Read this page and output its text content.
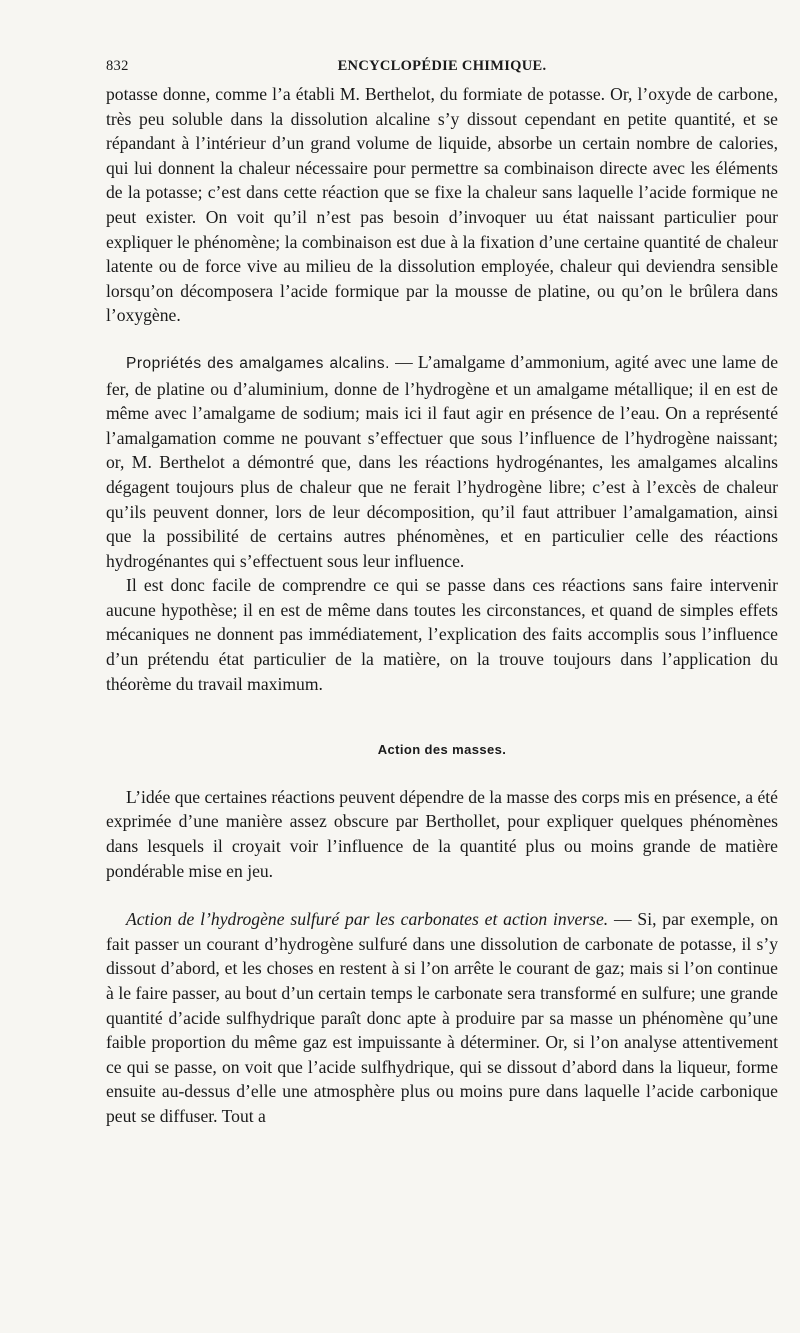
832	ENCYCLOPÉDIE CHIMIQUE.

potasse donne, comme l’a établi M. Berthelot, du formiate de potasse. Or, l’oxyde de carbone, très peu soluble dans la dissolution alcaline s’y dissout cependant en petite quantité, et se répandant à l’intérieur d’un grand volume de liquide, absorbe un certain nombre de calories, qui lui donnent la chaleur nécessaire pour permettre sa combinaison directe avec les éléments de la potasse; c’est dans cette réaction que se fixe la chaleur sans laquelle l’acide formique ne peut exister. On voit qu’il n’est pas besoin d’invoquer uu état naissant particulier pour expliquer le phénomène; la combinaison est due à la fixation d’une certaine quantité de chaleur latente ou de force vive au milieu de la dissolution employée, chaleur qui deviendra sensible lorsqu’on décomposera l’acide formique par la mousse de platine, ou qu’on le brûlera dans l’oxygène.

Propriétés des amalgames alcalins. — L’amalgame d’ammonium, agité avec une lame de fer, de platine ou d’aluminium, donne de l’hydrogène et un amalgame métallique; il en est de même avec l’amalgame de sodium; mais ici il faut agir en présence de l’eau. On a représenté l’amalgamation comme ne pouvant s’effectuer que sous l’influence de l’hydrogène naissant; or, M. Berthelot a démontré que, dans les réactions hydrogénantes, les amalgames alcalins dégagent toujours plus de chaleur que ne ferait l’hydrogène libre; c’est à l’excès de chaleur qu’ils peuvent donner, lors de leur décomposition, qu’il faut attribuer l’amalgamation, ainsi que la possibilité de certains autres phénomènes, et en particulier celle des réactions hydrogénantes qui s’effectuent sous leur influence.

Il est donc facile de comprendre ce qui se passe dans ces réactions sans faire intervenir aucune hypothèse; il en est de même dans toutes les circonstances, et quand de simples effets mécaniques ne donnent pas immédiatement, l’explication des faits accomplis sous l’influence d’un prétendu état particulier de la matière, on la trouve toujours dans l’application du théorème du travail maximum.

Action des masses.

L’idée que certaines réactions peuvent dépendre de la masse des corps mis en présence, a été exprimée d’une manière assez obscure par Berthollet, pour expliquer quelques phénomènes dans lesquels il croyait voir l’influence de la quantité plus ou moins grande de matière pondérable mise en jeu.

Action de l’hydrogène sulfuré par les carbonates et action inverse. — Si, par exemple, on fait passer un courant d’hydrogène sulfuré dans une dissolution de carbonate de potasse, il s’y dissout d’abord, et les choses en restent à si l’on arrête le courant de gaz; mais si l’on continue à le faire passer, au bout d’un certain temps le carbonate sera transformé en sulfure; une grande quantité d’acide sulfhydrique paraît donc apte à produire par sa masse un phénomène qu’une faible proportion du même gaz est impuissante à déterminer. Or, si l’on analyse attentivement ce qui se passe, on voit que l’acide sulfhydrique, qui se dissout d’abord dans la liqueur, forme ensuite au-dessus d’elle une atmosphère plus ou moins pure dans laquelle l’acide carbonique peut se diffuser. Tout a
